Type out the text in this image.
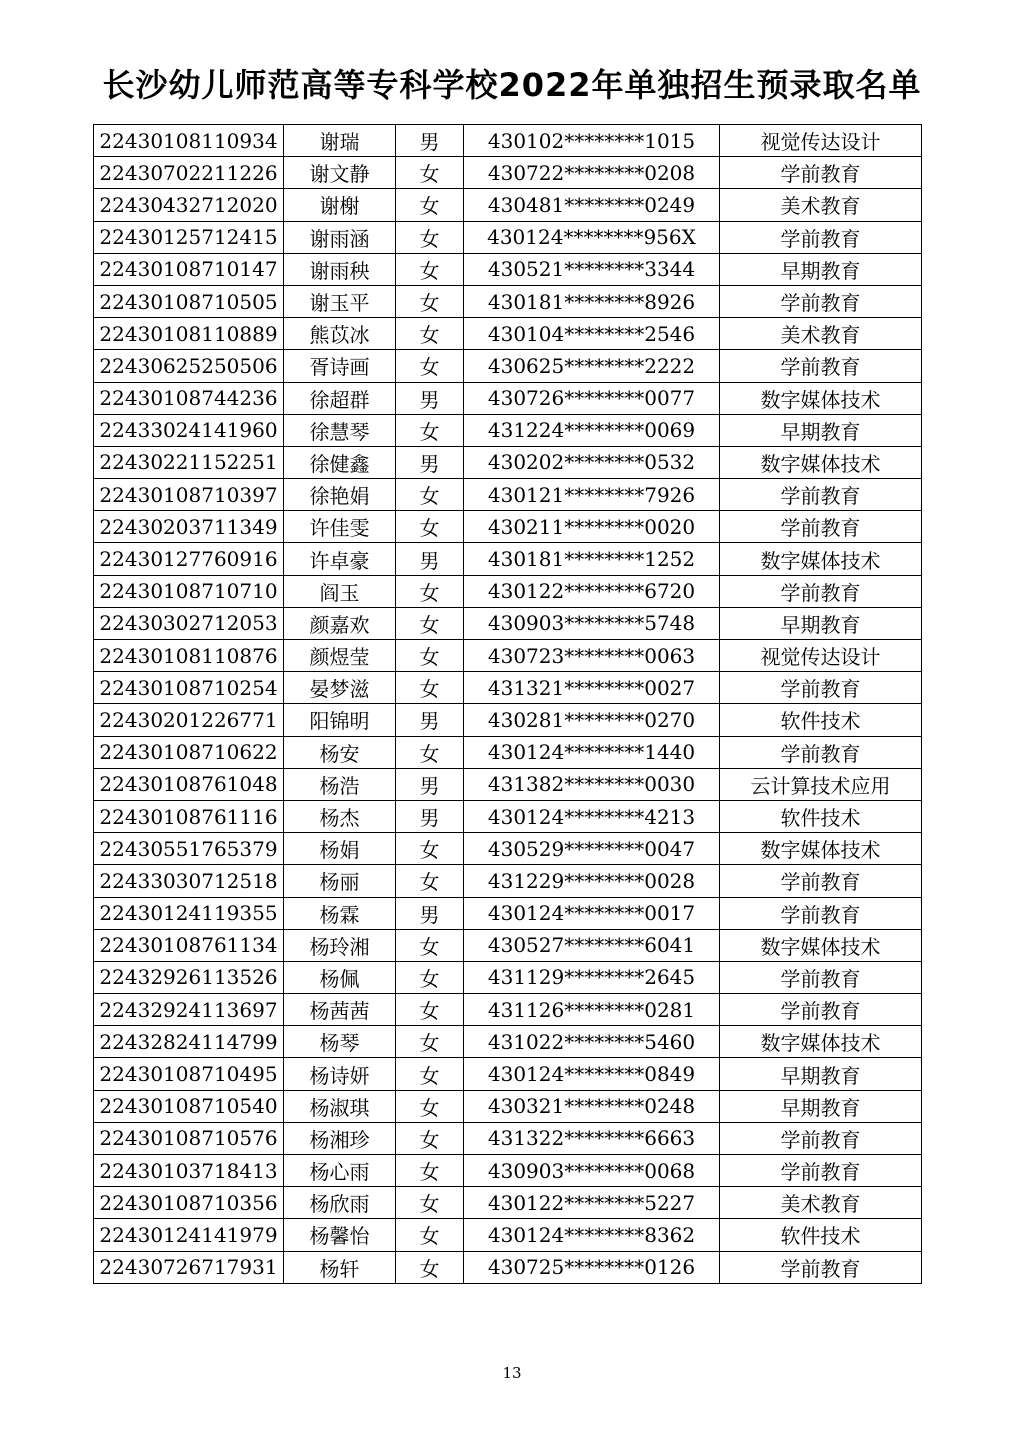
长沙幼儿师范高等专科学校2022年单独招生预录取名单
22430108110934	谢瑞	男	430102********1015	视觉传达设计
22430702211226	谢文静	女	430722********0208	学前教育
22430432712020	谢榭	女	430481********0249	美术教育
22430125712415	谢雨涵	女	430124********956X	学前教育
22430108710147	谢雨秧	女	430521********3344	早期教育
22430108710505	谢玉平	女	430181********8926	学前教育
22430108110889	熊苡冰	女	430104********2546	美术教育
22430625250506	胥诗画	女	430625********2222	学前教育
22430108744236	徐超群	男	430726********0077	数字媒体技术
22433024141960	徐慧琴	女	431224********0069	早期教育
22430221152251	徐健鑫	男	430202********0532	数字媒体技术
22430108710397	徐艳娟	女	430121********7926	学前教育
22430203711349	许佳雯	女	430211********0020	学前教育
22430127760916	许卓豪	男	430181********1252	数字媒体技术
22430108710710	阎玉	女	430122********6720	学前教育
22430302712053	颜嘉欢	女	430903********5748	早期教育
22430108110876	颜煜莹	女	430723********0063	视觉传达设计
22430108710254	晏梦滋	女	431321********0027	学前教育
22430201226771	阳锦明	男	430281********0270	软件技术
22430108710622	杨安	女	430124********1440	学前教育
22430108761048	杨浩	男	431382********0030	云计算技术应用
22430108761116	杨杰	男	430124********4213	软件技术
22430551765379	杨娟	女	430529********0047	数字媒体技术
22433030712518	杨丽	女	431229********0028	学前教育
22430124119355	杨霖	男	430124********0017	学前教育
22430108761134	杨玲湘	女	430527********6041	数字媒体技术
22432926113526	杨佩	女	431129********2645	学前教育
22432924113697	杨茜茜	女	431126********0281	学前教育
22432824114799	杨琴	女	431022********5460	数字媒体技术
22430108710495	杨诗妍	女	430124********0849	早期教育
22430108710540	杨淑琪	女	430321********0248	早期教育
22430108710576	杨湘珍	女	431322********6663	学前教育
22430103718413	杨心雨	女	430903********0068	学前教育
22430108710356	杨欣雨	女	430122********5227	美术教育
22430124141979	杨馨怡	女	430124********8362	软件技术
22430726717931	杨轩	女	430725********0126	学前教育
13
